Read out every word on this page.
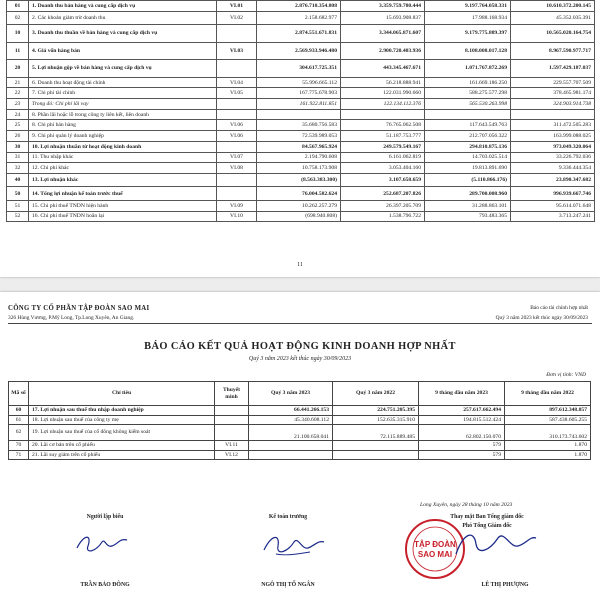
01	1. Doanh thu bán hàng và cung cấp dịch vụ	VI.01	2.876.710.354.808	3.359.759.780.444	9.197.764.058.331	10.610.372.200.145
02	2. Các khoản giảm trừ doanh thu	VI.02	2.158.682.977	15.693.908.837	17.988.168.934	45.352.035.391
10	3. Doanh thu thuần về bán hàng và cung cấp dịch vụ		2.874.551.671.831	3.344.065.871.607	9.179.775.889.397	10.565.020.164.754
11	4. Giá vốn hàng bán	VI.03	2.569.933.946.480	2.900.720.403.936	8.108.008.017.128	8.967.590.977.717
20	5. Lợi nhuận gộp về bán hàng và cung cấp dịch vụ		304.617.725.351	443.345.467.671	1.071.767.872.269	1.597.429.187.037
21	6. Doanh thu hoạt động tài chính	VI.04	55.996.665.112	56.218.888.941	161.669.186.250	229.557.707.509
22	7. Chi phí tài chính	VI.05	167.775.678.903	122.031.990.660	588.275.577.298	378.465.981.174
23	Trong đó: Chi phí lãi vay		161.922.811.851	122.134.112.376	565.530.263.998	324.903.914.738
24	8. Phần lãi hoặc lỗ trong công ty liên kết, liên doanh					
25	8. Chi phí bán hàng	VI.06	35.680.756.583	76.765.062.508	117.643.549.763	311.472.505.283
26	9. Chi phí quản lý doanh nghiệp	VI.06	72.539.989.053	51.187.753.777	212.707.056.322	163.999.088.025
30	10. Lợi nhuận thuần từ hoạt động kinh doanh		84.567.965.924	249.579.549.167	294.810.875.136	973.049.320.064
31	11. Thu nhập khác	VI.07	2.194.790.608	6.161.062.819	14.703.025.514	33.226.792.036
32	12. Chi phí khác	VI.08	10.758.173.908	3.053.404.160	19.813.891.690	9.336.444.354
40	13. Lợi nhuận khác		(8.563.383.300)	3.107.658.659	(5.110.866.176)	23.890.347.682
50	14. Tổng lợi nhuận kế toán trước thuế		76.004.582.624	252.687.207.826	289.700.008.960	996.939.667.746
51	15. Chi phí thuế TNDN hiện hành	VI.09	10.262.257.279	26.397.205.709	31.288.863.101	95.614.071.648
52	16. Chi phí thuế TNDN hoãn lại	VI.10	(698.940.808)	1.538.796.722	793.483.365	3.713.247.241
11
CÔNG TY CỔ PHẦN TẬP ĐOÀN SAO MAI
326 Hùng Vương, P.Mỹ Long, Tp.Long Xuyên, An Giang.
Báo cáo tài chính hợp nhất
Quý 3 năm 2023 kết thúc ngày 30/09/2023
BÁO CÁO KẾT QUẢ HOẠT ĐỘNG KINH DOANH HỢP NHẤT
Quý 3 năm 2023 kết thúc ngày 30/09/2023
Đơn vị tính: VND
Mã số	Chỉ tiêu	Thuyết minh	Quý 3 năm 2023	Quý 3 năm 2022	9 tháng đầu năm 2023	9 tháng đầu năm 2022
60	17. Lợi nhuận sau thuế thu nhập doanh nghiệp		66.441.266.153	224.751.205.395	257.617.662.494	897.612.348.857
61	18. Lợi nhuận sau thuế của công ty mẹ		45.340.608.112	152.635.315.910	194.815.512.424	587.438.605.255
62	19. Lợi nhuận sau thuế của cổ đông không kiểm soát		21.100.658.041	72.115.889.485	62.802.150.070	310.173.743.602
70	20. Lãi cơ bản trên cổ phiếu	VI.11			579	1.870
71	21. Lãi suy giảm trên cổ phiếu	VI.12			579	1.870
Long Xuyên, ngày 28 tháng 10 năm 2023
Người lập biểu
TRẦN BẢO ĐÔNG
Kế toán trưởng
NGÔ THỊ TỐ NGÂN
Thay mặt Ban Tổng giám đốc
Phó Tổng Giám đốc
TẬP ĐOÀN
SAO MAI
LÊ THỊ PHƯỢNG
